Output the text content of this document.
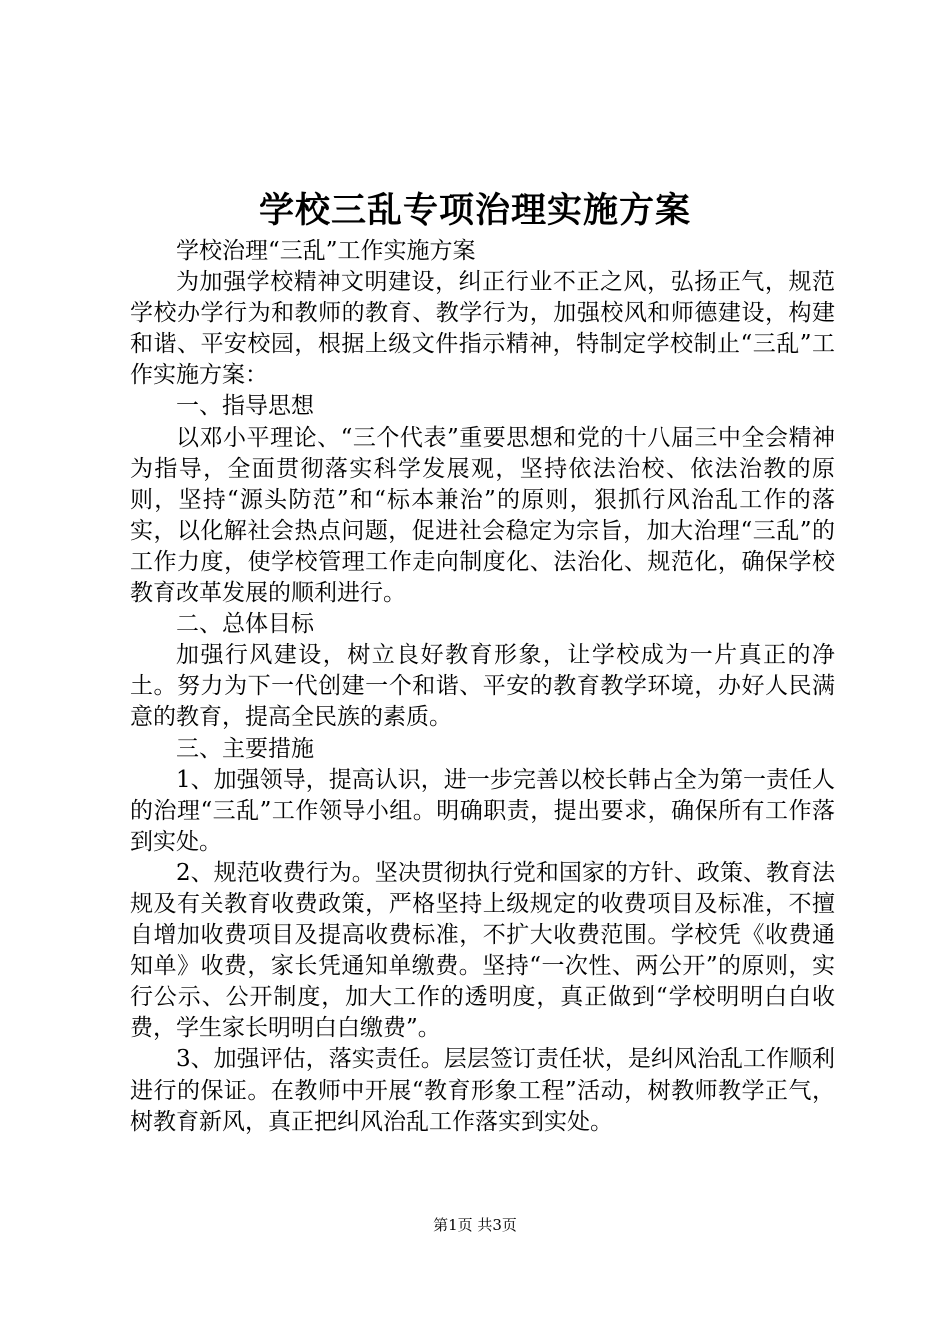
学校三乱专项治理实施方案

学校治理“三乱”工作实施方案

为加强学校精神文明建设，纠正行业不正之风，弘扬正气，规范学校办学行为和教师的教育、教学行为，加强校风和师德建设，构建和谐、平安校园，根据上级文件指示精神，特制定学校制止“三乱”工作实施方案：

一、指导思想

以邓小平理论、“三个代表”重要思想和党的十八届三中全会精神为指导，全面贯彻落实科学发展观，坚持依法治校、依法治教的原则，坚持“源头防范”和“标本兼治”的原则，狠抓行风治乱工作的落实，以化解社会热点问题，促进社会稳定为宗旨，加大治理“三乱”的工作力度，使学校管理工作走向制度化、法治化、规范化，确保学校教育改革发展的顺利进行。

二、总体目标

加强行风建设，树立良好教育形象，让学校成为一片真正的净土。努力为下一代创建一个和谐、平安的教育教学环境，办好人民满意的教育，提高全民族的素质。

三、主要措施

1、加强领导，提高认识，进一步完善以校长韩占全为第一责任人的治理“三乱”工作领导小组。明确职责，提出要求，确保所有工作落到实处。

2、规范收费行为。坚决贯彻执行党和国家的方针、政策、教育法规及有关教育收费政策，严格坚持上级规定的收费项目及标准，不擅自增加收费项目及提高收费标准，不扩大收费范围。学校凭《收费通知单》收费，家长凭通知单缴费。坚持“一次性、两公开”的原则，实行公示、公开制度，加大工作的透明度，真正做到“学校明明白白收费，学生家长明明白白缴费”。

3、加强评估，落实责任。层层签订责任状，是纠风治乱工作顺利进行的保证。在教师中开展“教育形象工程”活动，树教师教学正气，树教育新风，真正把纠风治乱工作落实到实处。

第1页 共3页
